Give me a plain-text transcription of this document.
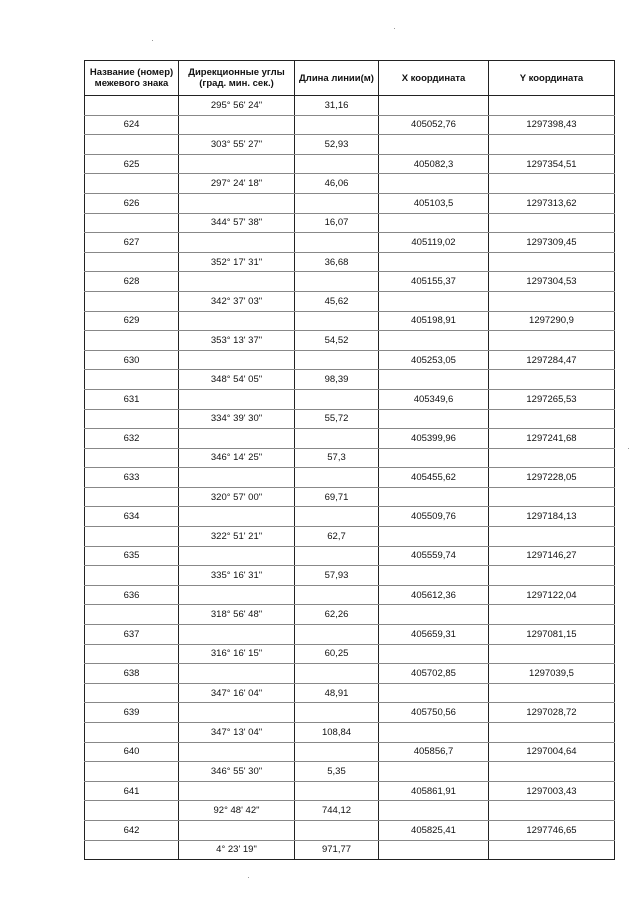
Название (номер) межевого знака	Дирекционные углы (град. мин. сек.)	Длина линии(м)	X координата	Y координата
	295° 56' 24"	31,16		
624			405052,76	1297398,43
	303° 55' 27"	52,93		
625			405082,3	1297354,51
	297° 24' 18"	46,06		
626			405103,5	1297313,62
	344° 57' 38"	16,07		
627			405119,02	1297309,45
	352° 17' 31"	36,68		
628			405155,37	1297304,53
	342° 37' 03"	45,62		
629			405198,91	1297290,9
	353° 13' 37"	54,52		
630			405253,05	1297284,47
	348° 54' 05"	98,39		
631			405349,6	1297265,53
	334° 39' 30"	55,72		
632			405399,96	1297241,68
	346° 14' 25"	57,3		
633			405455,62	1297228,05
	320° 57' 00"	69,71		
634			405509,76	1297184,13
	322° 51' 21"	62,7		
635			405559,74	1297146,27
	335° 16' 31"	57,93		
636			405612,36	1297122,04
	318° 56' 48"	62,26		
637			405659,31	1297081,15
	316° 16' 15"	60,25		
638			405702,85	1297039,5
	347° 16' 04"	48,91		
639			405750,56	1297028,72
	347° 13' 04"	108,84		
640			405856,7	1297004,64
	346° 55' 30"	5,35		
641			405861,91	1297003,43
	92° 48' 42"	744,12		
642			405825,41	1297746,65
	4° 23' 19"	971,77		
